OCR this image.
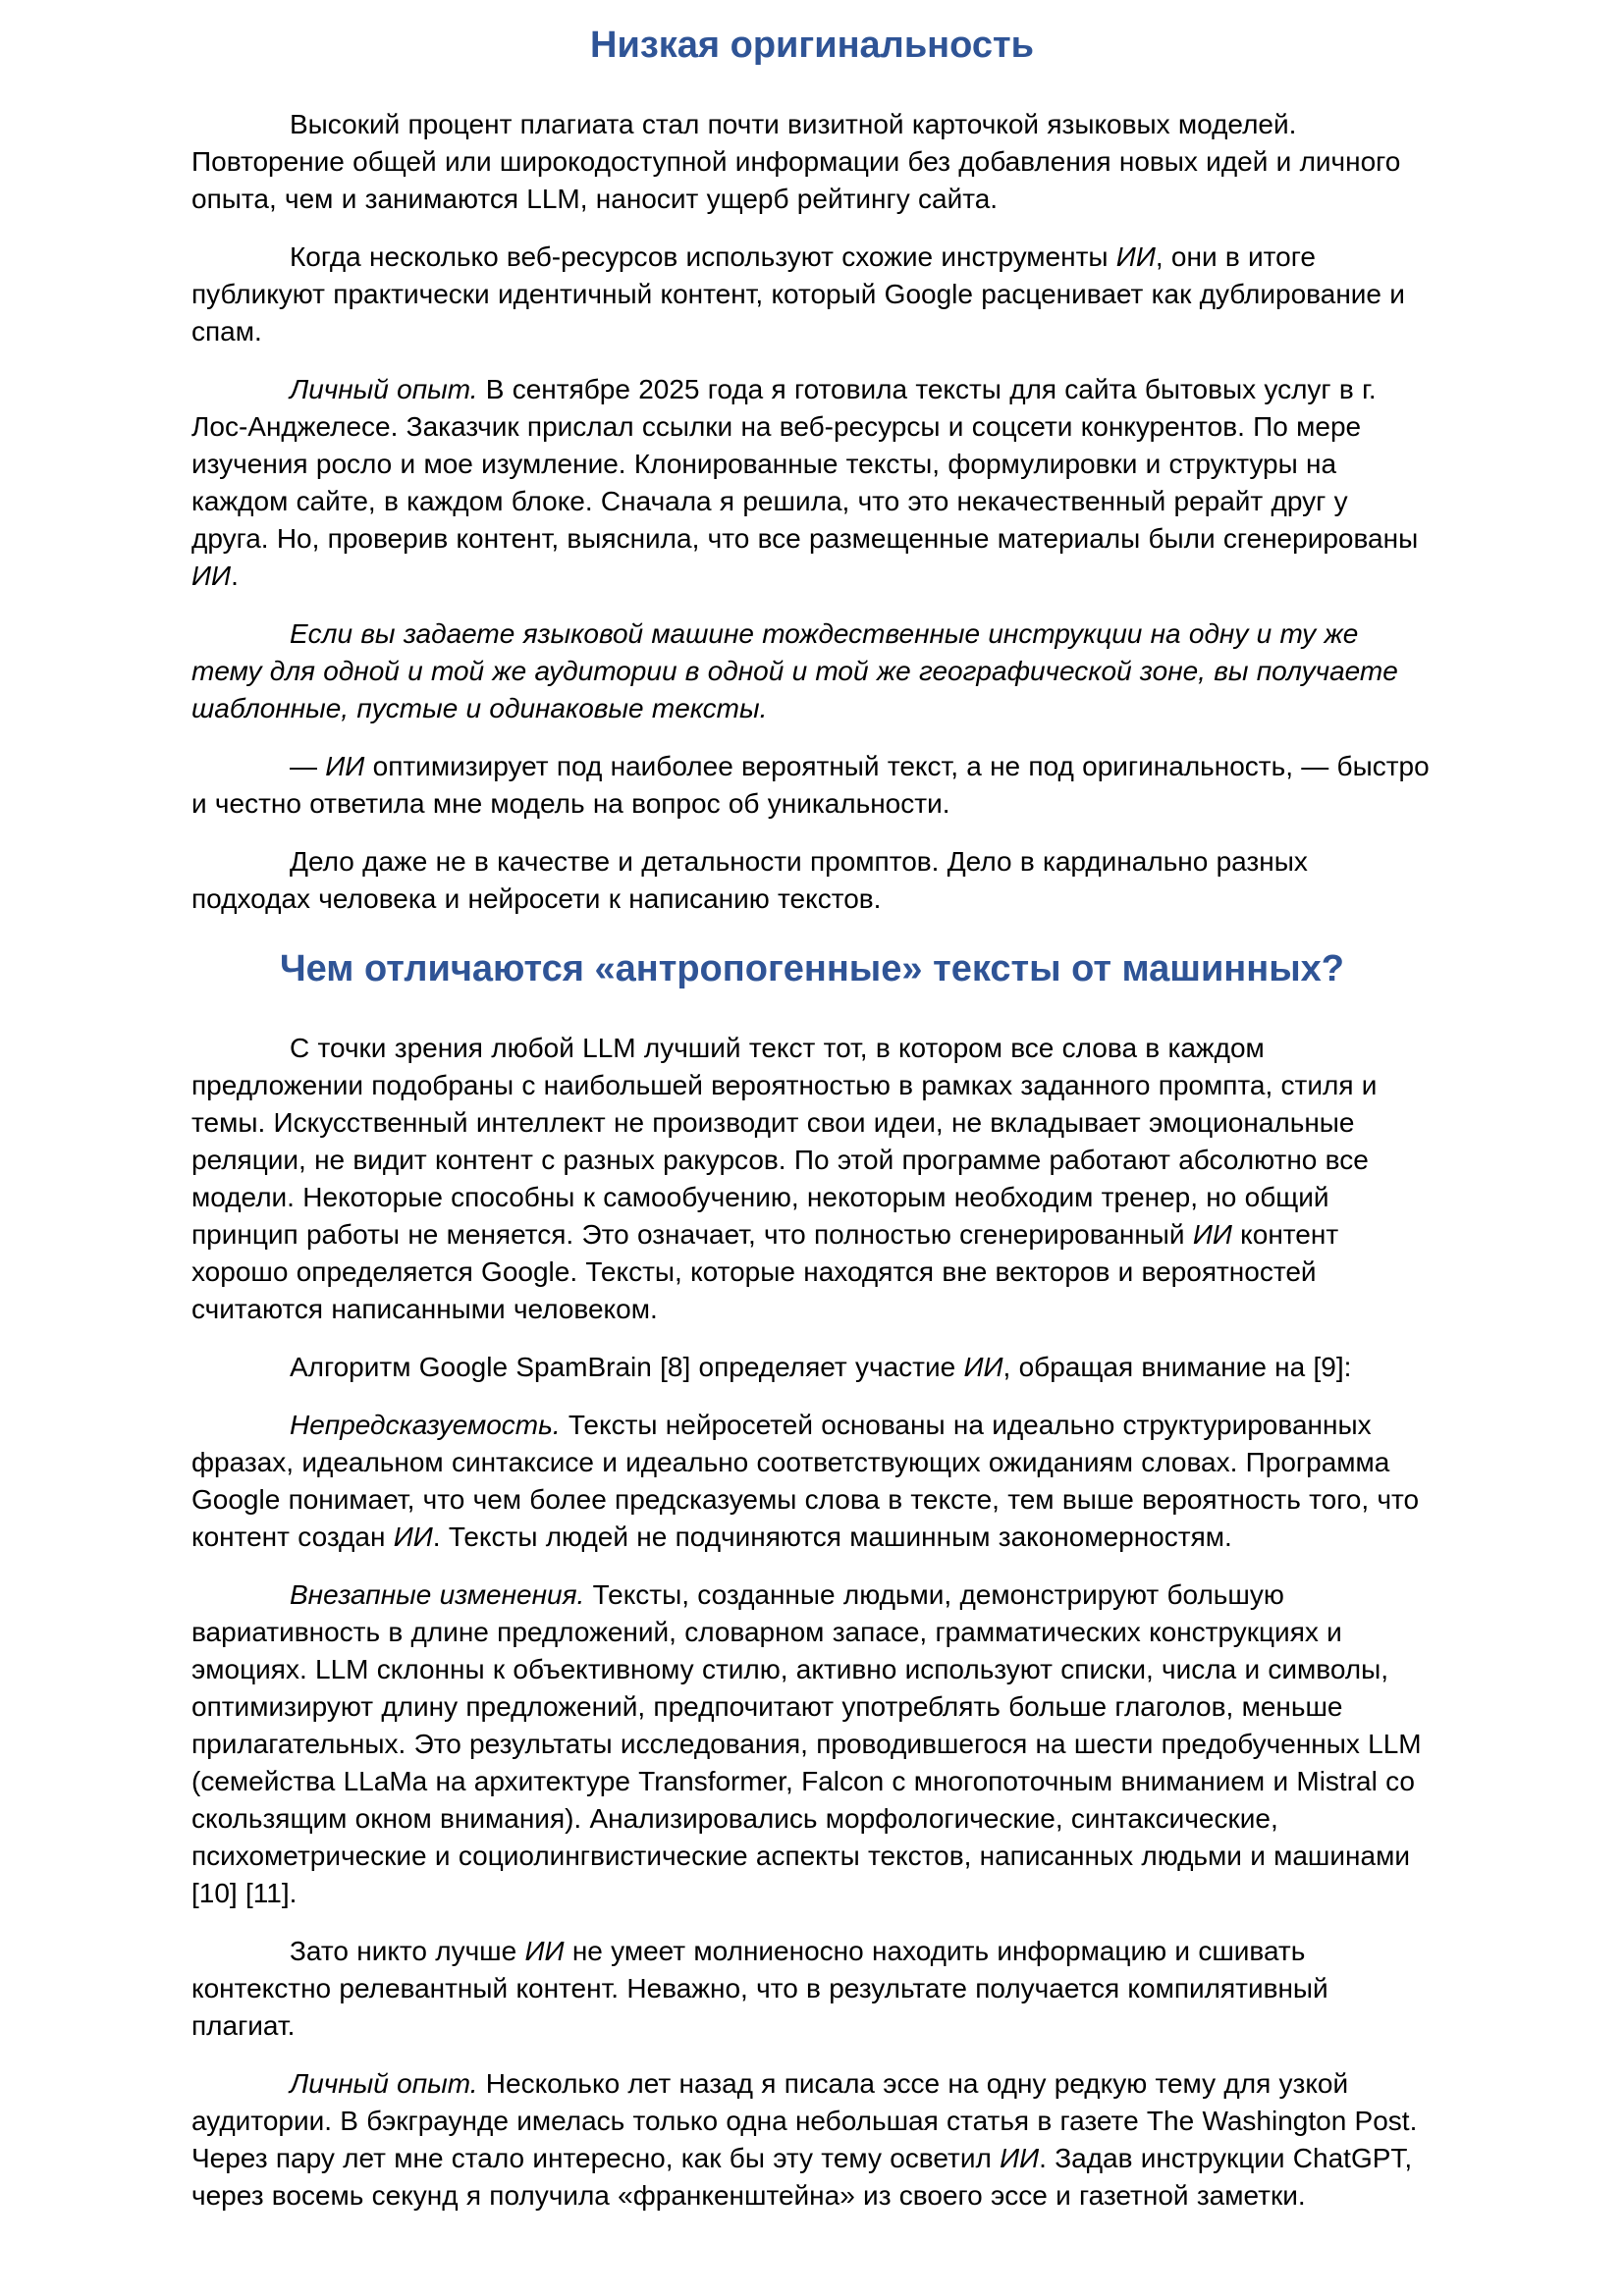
Низкая оригинальность

Высокий процент плагиата стал почти визитной карточкой языковых моделей. Повторение общей или широкодоступной информации без добавления новых идей и личного опыта, чем и занимаются LLM, наносит ущерб рейтингу сайта.

Когда несколько веб-ресурсов используют схожие инструменты ИИ, они в итоге публикуют практически идентичный контент, который Google расценивает как дублирование и спам.

Личный опыт. В сентябре 2025 года я готовила тексты для сайта бытовых услуг в г. Лос-Анджелесе. Заказчик прислал ссылки на веб-ресурсы и соцсети конкурентов. По мере изучения росло и мое изумление. Клонированные тексты, формулировки и структуры на каждом сайте, в каждом блоке. Сначала я решила, что это некачественный рерайт друг у друга. Но, проверив контент, выяснила, что все размещенные материалы были сгенерированы ИИ.

Если вы задаете языковой машине тождественные инструкции на одну и ту же тему для одной и той же аудитории в одной и той же географической зоне, вы получаете шаблонные, пустые и одинаковые тексты.

— ИИ оптимизирует под наиболее вероятный текст, а не под оригинальность, — быстро и честно ответила мне модель на вопрос об уникальности.

Дело даже не в качестве и детальности промптов. Дело в кардинально разных подходах человека и нейросети к написанию текстов.

Чем отличаются «антропогенные» тексты от машинных?

С точки зрения любой LLM лучший текст тот, в котором все слова в каждом предложении подобраны с наибольшей вероятностью в рамках заданного промпта, стиля и темы. Искусственный интеллект не производит свои идеи, не вкладывает эмоциональные реляции, не видит контент с разных ракурсов. По этой программе работают абсолютно все модели. Некоторые способны к самообучению, некоторым необходим тренер, но общий принцип работы не меняется. Это означает, что полностью сгенерированный ИИ контент хорошо определяется Google. Тексты, которые находятся вне векторов и вероятностей считаются написанными человеком.

Алгоритм Google SpamBrain [8] определяет участие ИИ, обращая внимание на [9]:

Непредсказуемость. Тексты нейросетей основаны на идеально структурированных фразах, идеальном синтаксисе и идеально соответствующих ожиданиям словах. Программа Google понимает, что чем более предсказуемы слова в тексте, тем выше вероятность того, что контент создан ИИ. Тексты людей не подчиняются машинным закономерностям.

Внезапные изменения. Тексты, созданные людьми, демонстрируют большую вариативность в длине предложений, словарном запасе, грамматических конструкциях и эмоциях. LLM склонны к объективному стилю, активно используют списки, числа и символы, оптимизируют длину предложений, предпочитают употреблять больше глаголов, меньше прилагательных. Это результаты исследования, проводившегося на шести предобученных LLM (семейства LLaMa на архитектуре Transformer, Falcon с многопоточным вниманием и Mistral со скользящим окном внимания). Анализировались морфологические, синтаксические, психометрические и социолингвистические аспекты текстов, написанных людьми и машинами [10] [11].

Зато никто лучше ИИ не умеет молниеносно находить информацию и сшивать контекстно релевантный контент. Неважно, что в результате получается компилятивный плагиат.

Личный опыт. Несколько лет назад я писала эссе на одну редкую тему для узкой аудитории. В бэкграунде имелась только одна небольшая статья в газете The Washington Post. Через пару лет мне стало интересно, как бы эту тему осветил ИИ. Задав инструкции ChatGPT, через восемь секунд я получила «франкенштейна» из своего эссе и газетной заметки.
